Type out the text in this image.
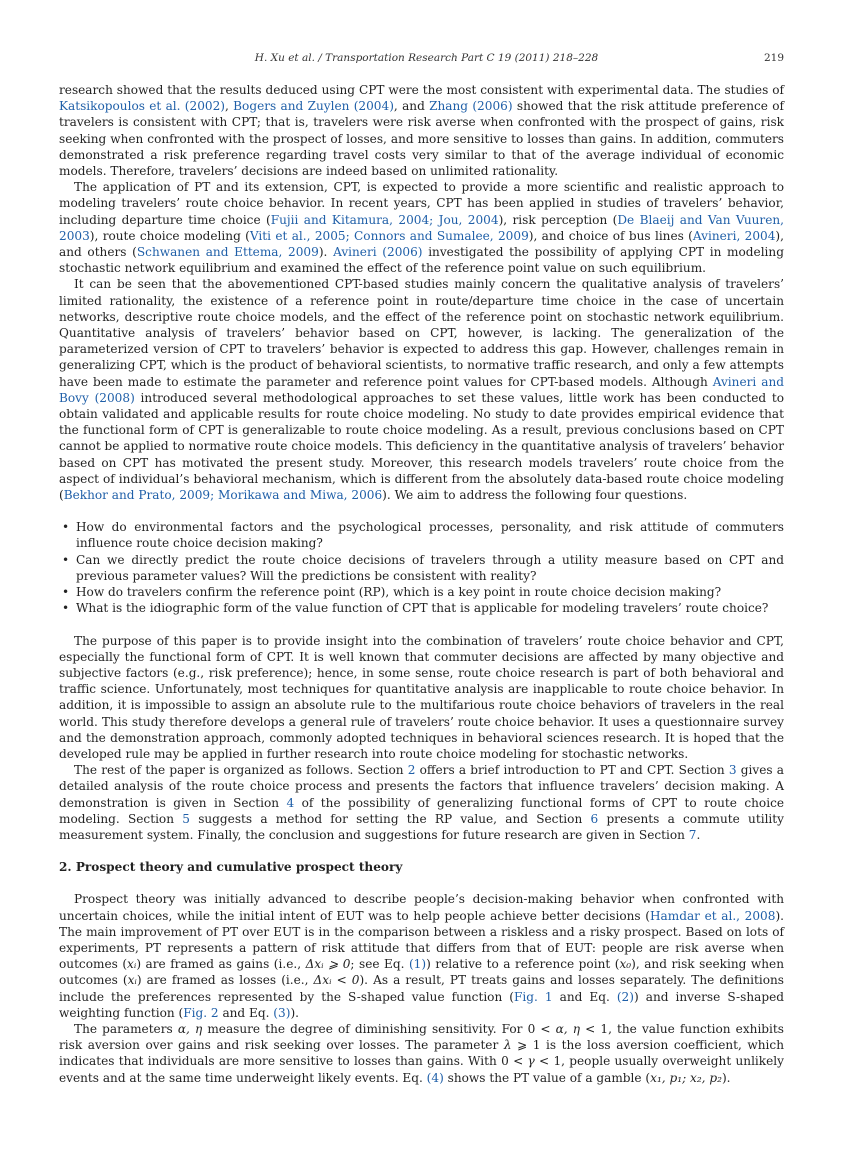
H. Xu et al. / Transportation Research Part C 19 (2011) 218–228	219

research showed that the results deduced using CPT were the most consistent with experimental data. The studies of Katsikopoulos et al. (2002), Bogers and Zuylen (2004), and Zhang (2006) showed that the risk attitude preference of travelers is consistent with CPT; that is, travelers were risk averse when confronted with the prospect of gains, risk seeking when confronted with the prospect of losses, and more sensitive to losses than gains. In addition, commuters demonstrated a risk preference regarding travel costs very similar to that of the average individual of economic models. Therefore, travelers’ decisions are indeed based on unlimited rationality.

The application of PT and its extension, CPT, is expected to provide a more scientific and realistic approach to modeling travelers’ route choice behavior. In recent years, CPT has been applied in studies of travelers’ behavior, including departure time choice (Fujii and Kitamura, 2004; Jou, 2004), risk perception (De Blaeij and Van Vuuren, 2003), route choice modeling (Viti et al., 2005; Connors and Sumalee, 2009), and choice of bus lines (Avineri, 2004), and others (Schwanen and Ettema, 2009). Avineri (2006) investigated the possibility of applying CPT in modeling stochastic network equilibrium and examined the effect of the reference point value on such equilibrium.

It can be seen that the abovementioned CPT-based studies mainly concern the qualitative analysis of travelers’ limited rationality, the existence of a reference point in route/departure time choice in the case of uncertain networks, descriptive route choice models, and the effect of the reference point on stochastic network equilibrium. Quantitative analysis of travelers’ behavior based on CPT, however, is lacking. The generalization of the parameterized version of CPT to travelers’ behavior is expected to address this gap. However, challenges remain in generalizing CPT, which is the product of behavioral scientists, to normative traffic research, and only a few attempts have been made to estimate the parameter and reference point values for CPT-based models. Although Avineri and Bovy (2008) introduced several methodological approaches to set these values, little work has been conducted to obtain validated and applicable results for route choice modeling. No study to date provides empirical evidence that the functional form of CPT is generalizable to route choice modeling. As a result, previous conclusions based on CPT cannot be applied to normative route choice models. This deficiency in the quantitative analysis of travelers’ behavior based on CPT has motivated the present study. Moreover, this research models travelers’ route choice from the aspect of individual’s behavioral mechanism, which is different from the absolutely data-based route choice modeling (Bekhor and Prato, 2009; Morikawa and Miwa, 2006). We aim to address the following four questions.

• How do environmental factors and the psychological processes, personality, and risk attitude of commuters influence route choice decision making?
• Can we directly predict the route choice decisions of travelers through a utility measure based on CPT and previous parameter values? Will the predictions be consistent with reality?
• How do travelers confirm the reference point (RP), which is a key point in route choice decision making?
• What is the idiographic form of the value function of CPT that is applicable for modeling travelers’ route choice?

The purpose of this paper is to provide insight into the combination of travelers’ route choice behavior and CPT, especially the functional form of CPT. It is well known that commuter decisions are affected by many objective and subjective factors (e.g., risk preference); hence, in some sense, route choice research is part of both behavioral and traffic science. Unfortunately, most techniques for quantitative analysis are inapplicable to route choice behavior. In addition, it is impossible to assign an absolute rule to the multifarious route choice behaviors of travelers in the real world. This study therefore develops a general rule of travelers’ route choice behavior. It uses a questionnaire survey and the demonstration approach, commonly adopted techniques in behavioral sciences research. It is hoped that the developed rule may be applied in further research into route choice modeling for stochastic networks.

The rest of the paper is organized as follows. Section 2 offers a brief introduction to PT and CPT. Section 3 gives a detailed analysis of the route choice process and presents the factors that influence travelers’ decision making. A demonstration is given in Section 4 of the possibility of generalizing functional forms of CPT to route choice modeling. Section 5 suggests a method for setting the RP value, and Section 6 presents a commute utility measurement system. Finally, the conclusion and suggestions for future research are given in Section 7.

2. Prospect theory and cumulative prospect theory

Prospect theory was initially advanced to describe people’s decision-making behavior when confronted with uncertain choices, while the initial intent of EUT was to help people achieve better decisions (Hamdar et al., 2008). The main improvement of PT over EUT is in the comparison between a riskless and a risky prospect. Based on lots of experiments, PT represents a pattern of risk attitude that differs from that of EUT: people are risk averse when outcomes (xᵢ) are framed as gains (i.e., Δxᵢ ⩾ 0; see Eq. (1)) relative to a reference point (x₀), and risk seeking when outcomes (xᵢ) are framed as losses (i.e., Δxᵢ < 0). As a result, PT treats gains and losses separately. The definitions include the preferences represented by the S-shaped value function (Fig. 1 and Eq. (2)) and inverse S-shaped weighting function (Fig. 2 and Eq. (3)).

The parameters α, η measure the degree of diminishing sensitivity. For 0 < α, η < 1, the value function exhibits risk aversion over gains and risk seeking over losses. The parameter λ ⩾ 1 is the loss aversion coefficient, which indicates that individuals are more sensitive to losses than gains. With 0 < γ < 1, people usually overweight unlikely events and at the same time underweight likely events. Eq. (4) shows the PT value of a gamble (x₁, p₁; x₂, p₂).
